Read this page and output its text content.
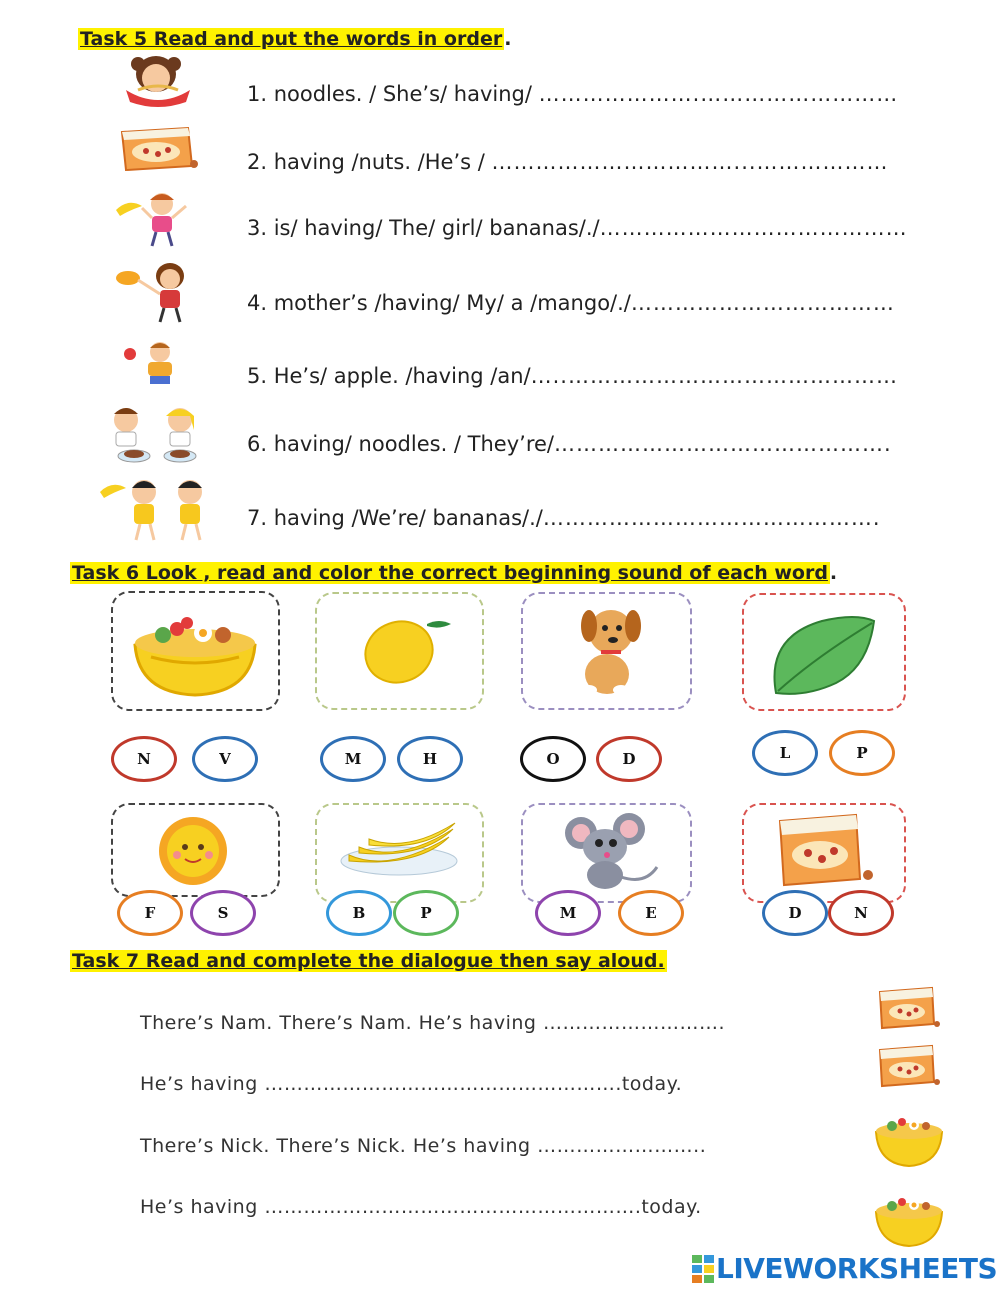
Task 5 Read and put the words in order .
1. noodles. / She’s/ having/ ………………….………………………
2. having /nuts. /He’s / ……………………………...………………
3. is/ having/ The/ girl/ bananas/./……………………………………
4. mother’s /having/ My/ a /mango/./………………………………
5. He’s/ apple. /having /an/…..………………………………………
6. having/ noodles. / They’re/……………………………………….
7. having /We’re/ bananas/./……………………………………….
Task 6 Look , read and color the correct beginning sound of each word .
N	V	M	H	O	D	L	P
F	S	B	P	M	E	D	N
Task 7 Read and complete the dialogue then say aloud.
There’s Nam. There’s Nam. He’s having ……………………….
He’s having ……………………………………………….today.
There’s Nick. There’s Nick. He’s having ……………………..
He’s having ………………………………………………….today.
LIVEWORKSHEETS
